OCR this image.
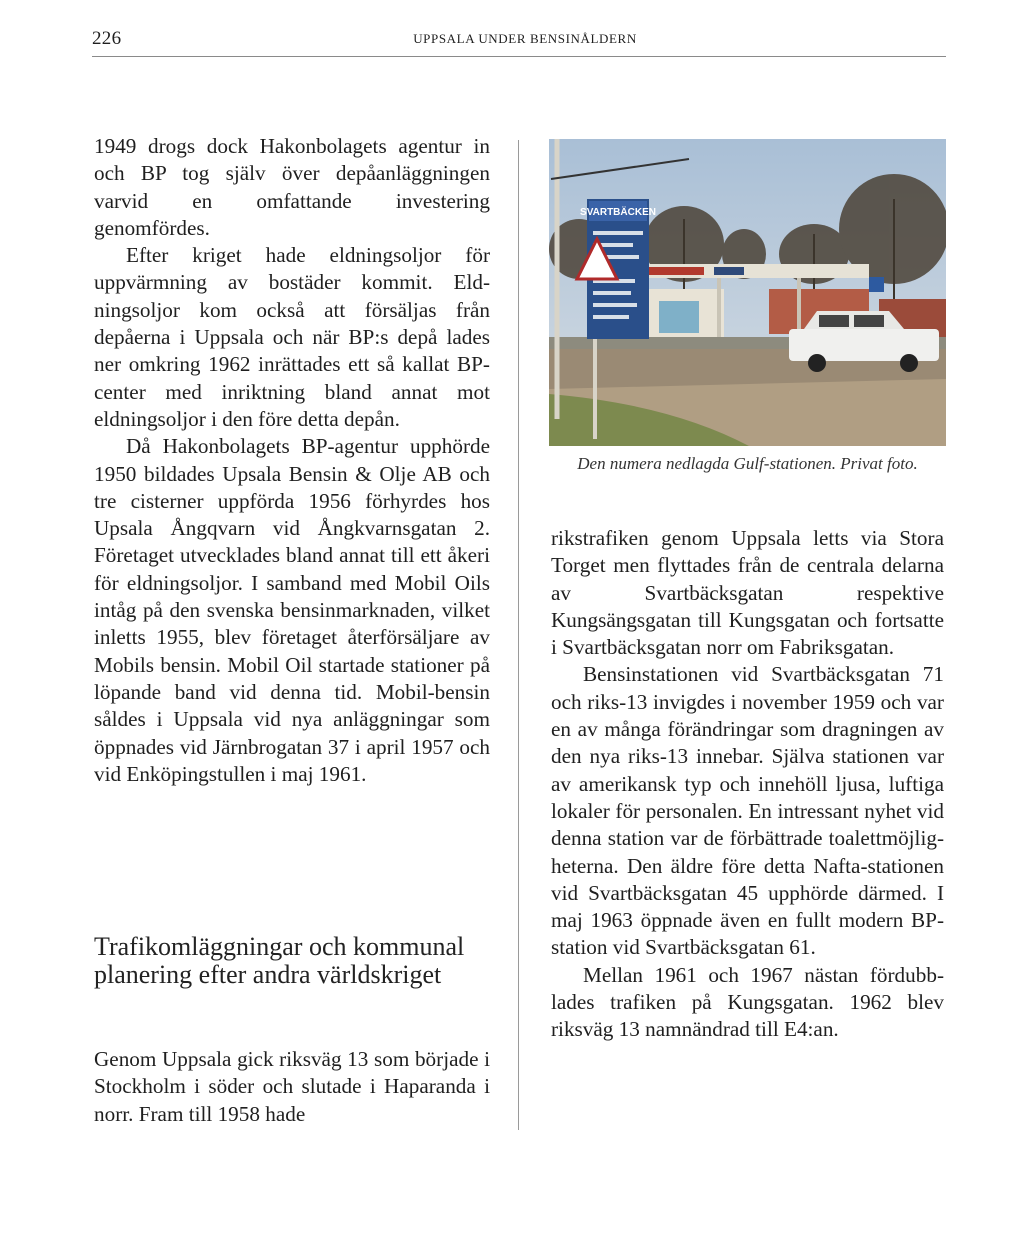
226	UPPSALA UNDER BENSINÅLDERN

1949 drogs dock Hakonbolagets agentur in och BP tog själv över depåanläggningen varvid en omfattande investering genomfördes.

Efter kriget hade eldningsoljor för uppvärmning av bostäder kommit. Eldningsoljor kom också att försäljas från depåerna i Uppsala och när BP:s depå lades ner omkring 1962 inrättades ett så kallat BP-center med inriktning bland annat mot eldningsoljor i den före detta depån.

Då Hakonbolagets BP-agentur upphörde 1950 bildades Upsala Bensin & Olje AB och tre cisterner uppförda 1956 förhyrdes hos Upsala Ångqvarn vid Ångkvarnsgatan 2. Företaget utvecklades bland annat till ett åkeri för eldningsoljor. I samband med Mobil Oils intåg på den svenska bensinmarknaden, vilket inletts 1955, blev företaget återförsäljare av Mobils bensin. Mobil Oil startade stationer på löpande band vid denna tid. Mobil-bensin såldes i Uppsala vid nya anläggningar som öppnades vid Järnbrogatan 37 i april 1957 och vid Enköpingstullen i maj 1961.

Trafikomläggningar och kommunal planering efter andra världskriget

Genom Uppsala gick riksväg 13 som började i Stockholm i söder och slutade i Haparanda i norr. Fram till 1958 hade

SVARTBÄCKEN
Den numera nedlagda Gulf-stationen. Privat foto.

rikstrafiken genom Uppsala letts via Stora Torget men flyttades från de centrala delarna av Svartbäcksgatan respektive Kungsängsgatan till Kungsgatan och fortsatte i Svartbäcksgatan norr om Fabriksgatan.

Bensinstationen vid Svartbäcksgatan 71 och riks-13 invigdes i november 1959 och var en av många förändringar som dragningen av den nya riks-13 innebar. Själva stationen var av amerikansk typ och innehöll ljusa, luftiga lokaler för personalen. En intressant nyhet vid denna station var de förbättrade toalettmöjligheterna. Den äldre före detta Nafta-stationen vid Svartbäcksgatan 45 upphörde därmed. I maj 1963 öppnade även en fullt modern BP-station vid Svartbäcksgatan 61.

Mellan 1961 och 1967 nästan fördubblades trafiken på Kungsgatan. 1962 blev riksväg 13 namnändrad till E4:an.
